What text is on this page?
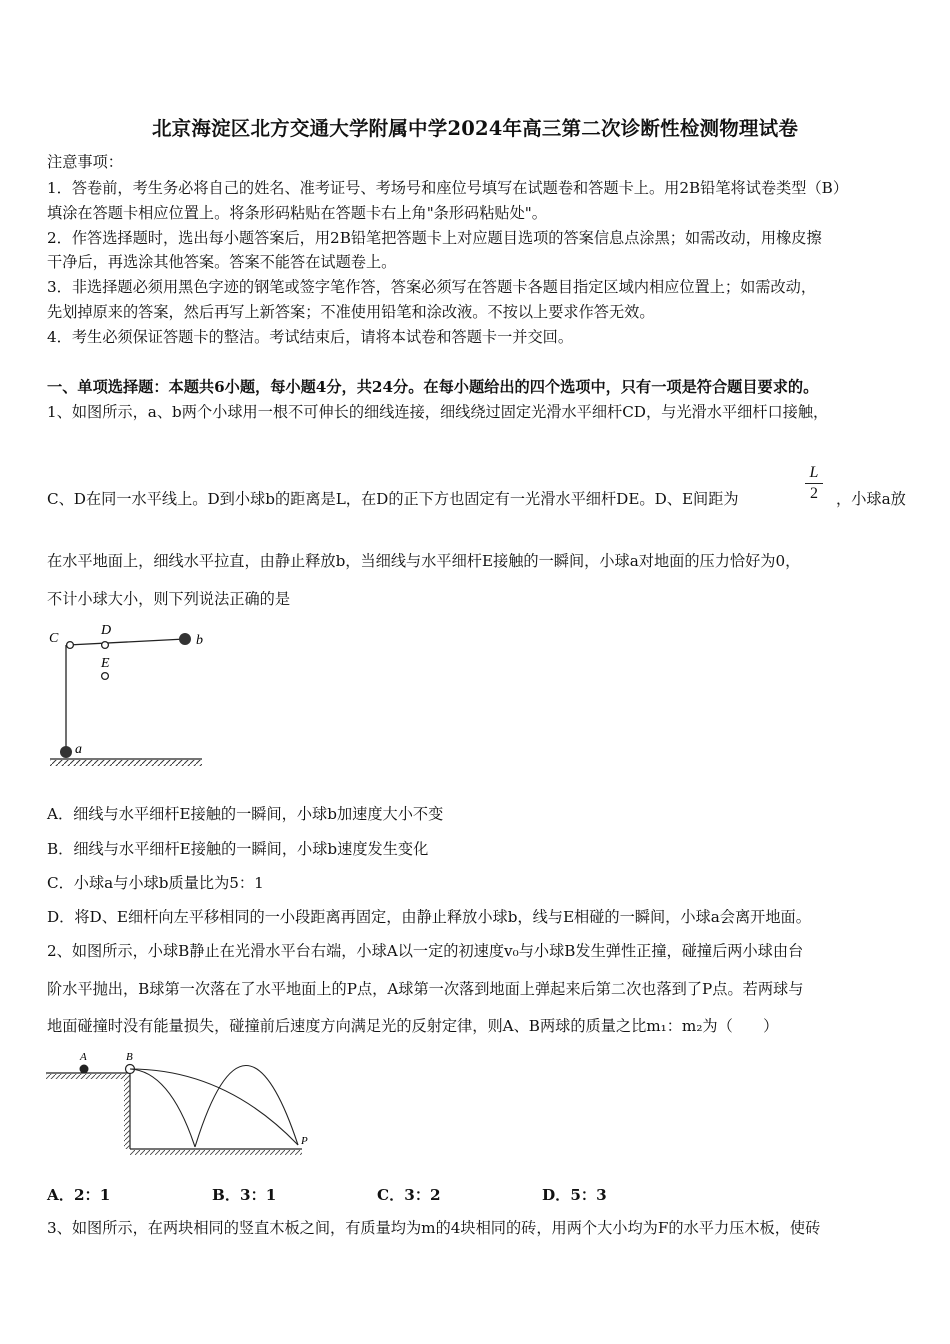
北京海淀区北方交通大学附属中学2024年高三第二次诊断性检测物理试卷
注意事项：
1．答卷前，考生务必将自己的姓名、准考证号、考场号和座位号填写在试题卷和答题卡上。用2B铅笔将试卷类型（B）
填涂在答题卡相应位置上。将条形码粘贴在答题卡右上角"条形码粘贴处"。
2．作答选择题时，选出每小题答案后，用2B铅笔把答题卡上对应题目选项的答案信息点涂黑；如需改动，用橡皮擦
干净后，再选涂其他答案。答案不能答在试题卷上。
3．非选择题必须用黑色字迹的钢笔或签字笔作答，答案必须写在答题卡各题目指定区域内相应位置上；如需改动，
先划掉原来的答案，然后再写上新答案；不准使用铅笔和涂改液。不按以上要求作答无效。
4．考生必须保证答题卡的整洁。考试结束后，请将本试卷和答题卡一并交回。
一、单项选择题：本题共6小题，每小题4分，共24分。在每小题给出的四个选项中，只有一项是符合题目要求的。
1、如图所示，a、b两个小球用一根不可伸长的细线连接，细线绕过固定光滑水平细杆CD，与光滑水平细杆口接触，
C、D在同一水平线上。D到小球b的距离是L，在D的正下方也固定有一光滑水平细杆DE。D、E间距为
L
2	，小球a放
在水平地面上，细线水平拉直，由静止释放b，当细线与水平细杆E接触的一瞬间，小球a对地面的压力恰好为0，
不计小球大小，则下列说法正确的是
C
D
E
b
a
A．细线与水平细杆E接触的一瞬间，小球b加速度大小不变
B．细线与水平细杆E接触的一瞬间，小球b速度发生变化
C．小球a与小球b质量比为5：1
D．将D、E细杆向左平移相同的一小段距离再固定，由静止释放小球b，线与E相碰的一瞬间，小球a会离开地面。
2、如图所示，小球B静止在光滑水平台右端，小球A以一定的初速度v₀与小球B发生弹性正撞，碰撞后两小球由台
阶水平抛出，B球第一次落在了水平地面上的P点，A球第一次落到地面上弹起来后第二次也落到了P点。若两球与
地面碰撞时没有能量损失，碰撞前后速度方向满足光的反射定律，则A、B两球的质量之比m₁：m₂为（　　）
A	B
P
A．2：1	B．3：1	C．3：2	D．5：3
3、如图所示，在两块相同的竖直木板之间，有质量均为m的4块相同的砖，用两个大小均为F的水平力压木板，使砖
